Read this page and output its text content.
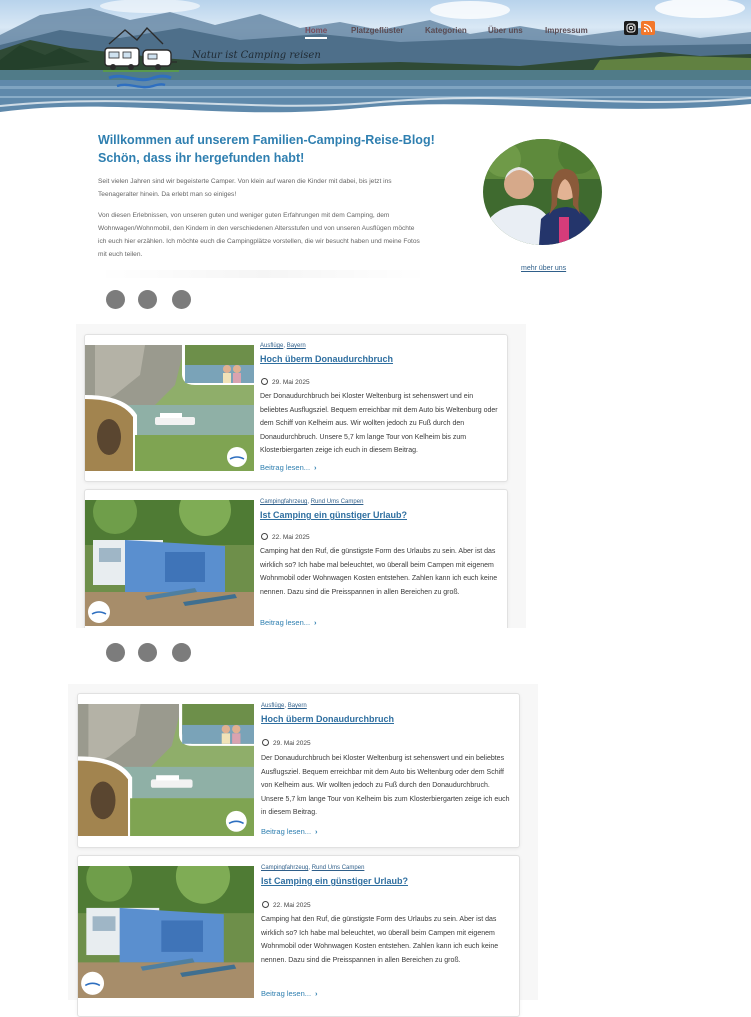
Natur ist Camping reisen
Home	Platzgeflüster	Kategorien	Über uns	Impressum
Willkommen auf unserem Familien-Camping-Reise-Blog! Schön, dass ihr hergefunden habt!
Seit vielen Jahren sind wir begeisterte Camper. Von klein auf waren die Kinder mit dabei, bis jetzt ins Teenageralter hinein. Da erlebt man so einiges!
Von diesen Erlebnissen, von unseren guten und weniger guten Erfahrungen mit dem Camping, dem Wohnwagen/Wohnmobil, den Kindern in den verschiedenen Altersstufen und von unseren Ausflügen möchte ich euch hier erzählen. Ich möchte euch die Campingplätze vorstellen, die wir besucht haben und meine Fotos mit euch teilen.
mehr über uns
Ausflüge, Bayern
Hoch überm Donaudurchbruch
29. Mai 2025
Der Donaudurchbruch bei Kloster Weltenburg ist sehenswert und ein beliebtes Ausflugsziel. Bequem erreichbar mit dem Auto bis Weltenburg oder dem Schiff von Kelheim aus. Wir wollten jedoch zu Fuß durch den Donaudurchbruch. Unsere 5,7 km lange Tour von Kelheim bis zum Klosterbiergarten zeige ich euch in diesem Beitrag.
Beitrag lesen... ›
Campingfahrzeug, Rund Ums Campen
Ist Camping ein günstiger Urlaub?
22. Mai 2025
Camping hat den Ruf, die günstigste Form des Urlaubs zu sein. Aber ist das wirklich so? Ich habe mal beleuchtet, wo überall beim Campen mit eigenem Wohnmobil oder Wohnwagen Kosten entstehen. Zahlen kann ich euch keine nennen. Dazu sind die Preisspannen in allen Bereichen zu groß.
Beitrag lesen... ›
Ausflüge, Bayern
Hoch überm Donaudurchbruch
29. Mai 2025
Der Donaudurchbruch bei Kloster Weltenburg ist sehenswert und ein beliebtes Ausflugsziel. Bequem erreichbar mit dem Auto bis Weltenburg oder dem Schiff von Kelheim aus. Wir wollten jedoch zu Fuß durch den Donaudurchbruch. Unsere 5,7 km lange Tour von Kelheim bis zum Klosterbiergarten zeige ich euch in diesem Beitrag.
Beitrag lesen... ›
Campingfahrzeug, Rund Ums Campen
Ist Camping ein günstiger Urlaub?
22. Mai 2025
Camping hat den Ruf, die günstigste Form des Urlaubs zu sein. Aber ist das wirklich so? Ich habe mal beleuchtet, wo überall beim Campen mit eigenem Wohnmobil oder Wohnwagen Kosten entstehen. Zahlen kann ich euch keine nennen. Dazu sind die Preisspannen in allen Bereichen zu groß.
Beitrag lesen... ›
